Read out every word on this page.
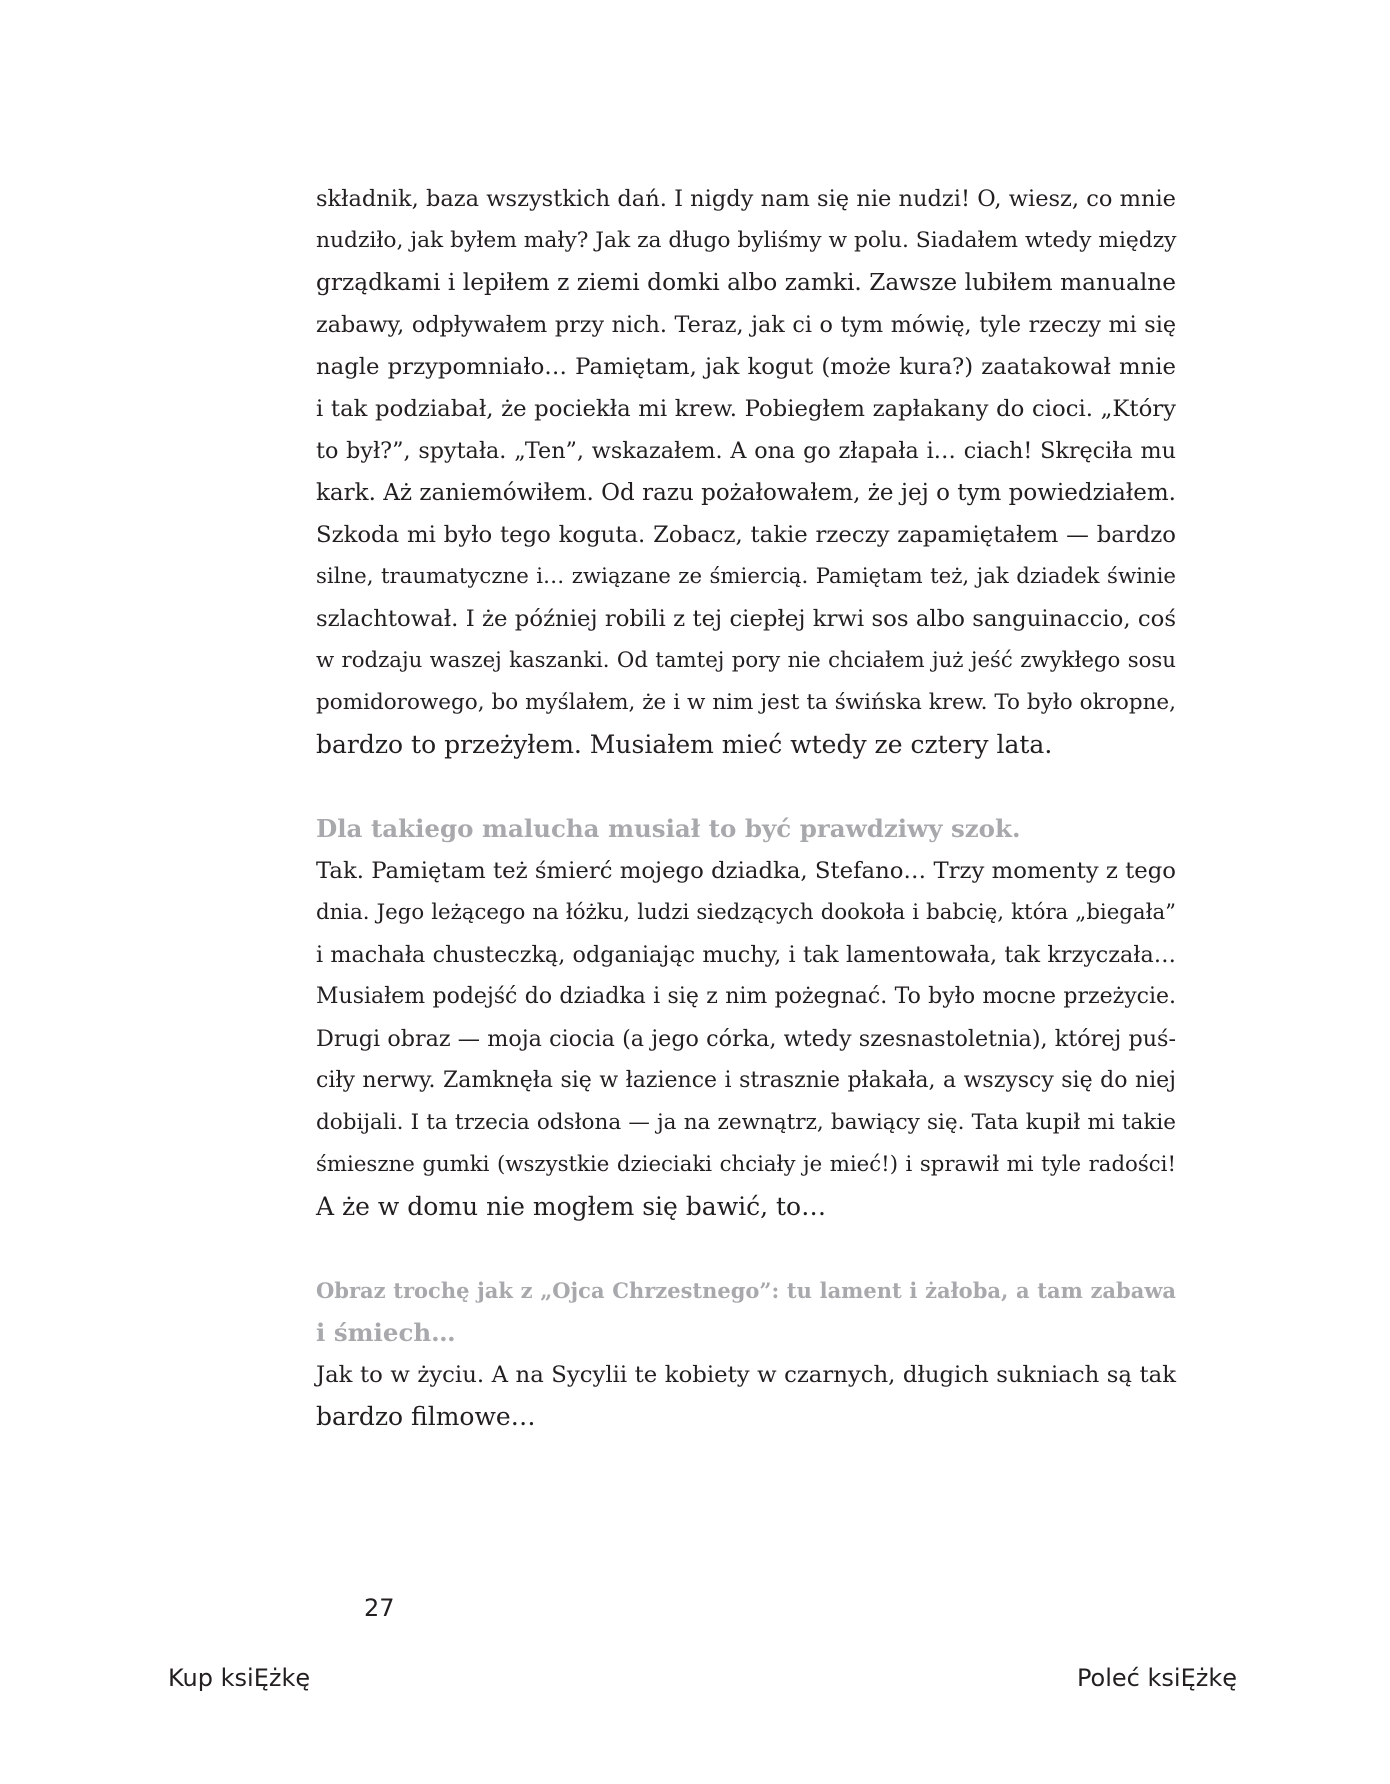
składnik, baza wszystkich dań. I nigdy nam się nie nudzi! O, wiesz, co mnie
nudziło, jak byłem mały? Jak za długo byliśmy w polu. Siadałem wtedy między
grządkami i lepiłem z ziemi domki albo zamki. Zawsze lubiłem manualne
zabawy, odpływałem przy nich. Teraz, jak ci o tym mówię, tyle rzeczy mi się
nagle przypomniało… Pamiętam, jak kogut (może kura?) zaatakował mnie
i tak podziabał, że pociekła mi krew. Pobiegłem zapłakany do cioci. „Który
to był?”, spytała. „Ten”, wskazałem. A ona go złapała i… ciach! Skręciła mu
kark. Aż zaniemówiłem. Od razu pożałowałem, że jej o tym powiedziałem.
Szkoda mi było tego koguta. Zobacz, takie rzeczy zapamiętałem — bardzo
silne, traumatyczne i… związane ze śmiercią. Pamiętam też, jak dziadek świnie
szlachtował. I że później robili z tej ciepłej krwi sos albo sanguinaccio, coś
w rodzaju waszej kaszanki. Od tamtej pory nie chciałem już jeść zwykłego sosu
pomidorowego, bo myślałem, że i w nim jest ta świńska krew. To było okropne,
bardzo to przeżyłem. Musiałem mieć wtedy ze cztery lata.
Dla takiego malucha musiał to być prawdziwy szok.
Tak. Pamiętam też śmierć mojego dziadka, Stefano… Trzy momenty z tego
dnia. Jego leżącego na łóżku, ludzi siedzących dookoła i babcię, która „biegała”
i machała chusteczką, odganiając muchy, i tak lamentowała, tak krzyczała…
Musiałem podejść do dziadka i się z nim pożegnać. To było mocne przeżycie.
Drugi obraz — moja ciocia (a jego córka, wtedy szesnastoletnia), której puś-
ciły nerwy. Zamknęła się w łazience i strasznie płakała, a wszyscy się do niej
dobijali. I ta trzecia odsłona — ja na zewnątrz, bawiący się. Tata kupił mi takie
śmieszne gumki (wszystkie dzieciaki chciały je mieć!) i sprawił mi tyle radości!
A że w domu nie mogłem się bawić, to…
Obraz trochę jak z „Ojca Chrzestnego”: tu lament i żałoba, a tam zabawa
i śmiech…
Jak to w życiu. A na Sycylii te kobiety w czarnych, długich sukniach są tak
bardzo filmowe…
27
Kup ksiĘżkę	Poleć ksiĘżkę
